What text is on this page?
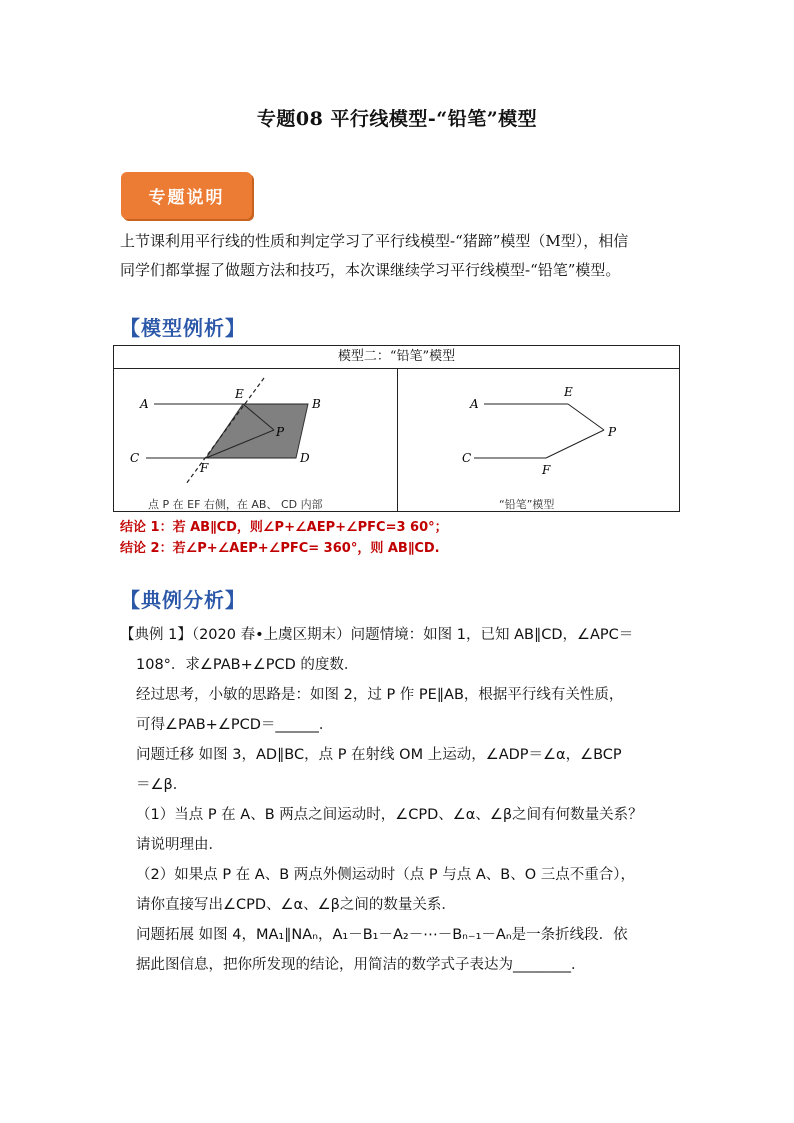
专题08 平行线模型-“铅笔”模型
专题说明
上节课利用平行线的性质和判定学习了平行线模型-“猪蹄”模型（M型），相信
同学们都掌握了做题方法和技巧，本次课继续学习平行线模型-“铅笔”模型。
【模型例析】
模型二：“铅笔”模型
A	B
C	D
E
F
P
点 P 在 EF 右侧，在 AB、 CD 内部
A
E
P
C
F
“铅笔”模型
结论 1：若 AB∥CD，则∠P+∠AEP+∠PFC=3 60°；
结论 2：若∠P+∠AEP+∠PFC= 360°，则 AB∥CD.
【典例分析】

【典例 1】（2020 春•上虞区期末）问题情境：如图 1，已知 AB∥CD，∠APC＝

108°．求∠PAB+∠PCD 的度数．

经过思考，小敏的思路是：如图 2，过 P 作 PE∥AB，根据平行线有关性质，

可得∠PAB+∠PCD＝______．

问题迁移 如图 3，AD∥BC，点 P 在射线 OM 上运动，∠ADP＝∠α，∠BCP

＝∠β．

（1）当点 P 在 A、B 两点之间运动时，∠CPD、∠α、∠β之间有何数量关系？

请说明理由．

（2）如果点 P 在 A、B 两点外侧运动时（点 P 与点 A、B、O 三点不重合），

请你直接写出∠CPD、∠α、∠β之间的数量关系．

问题拓展 如图 4，MA₁∥NAₙ，A₁－B₁－A₂－⋯－Bₙ₋₁－Aₙ是一条折线段．依

据此图信息，把你所发现的结论，用简洁的数学式子表达为________．
